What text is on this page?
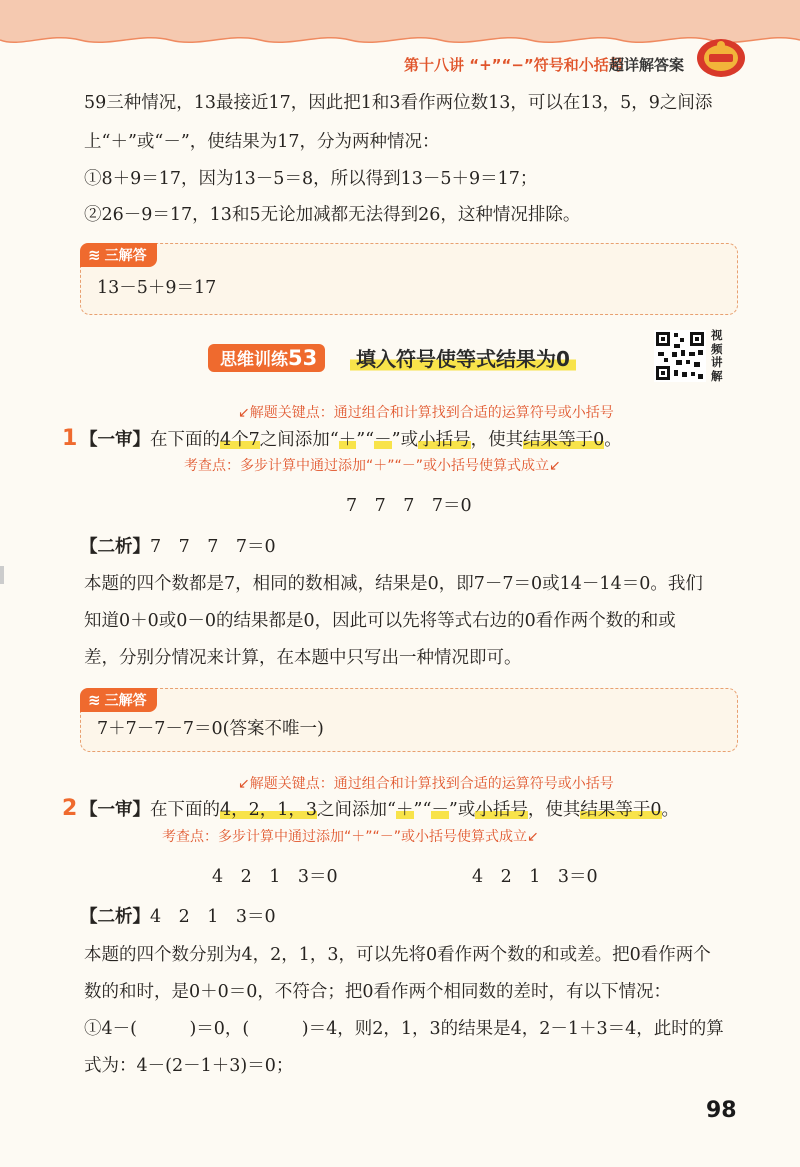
第十八讲 “+”“−”符号和小括号
超详解答案
59三种情况，13最接近17，因此把1和3看作两位数13，可以在13，5，9之间添
上“＋”或“－”，使结果为17，分为两种情况：
①8＋9＝17，因为13－5＝8，所以得到13－5＋9＝17；
②26－9＝17，13和5无论加减都无法得到26，这种情况排除。
≋ 三解答
13－5＋9＝17
思维训练53	填入符号使等式结果为0
视
频
讲
解
↙解题关键点：通过组合和计算找到合适的运算符号或小括号
1 【一审】在下面的4个7之间添加“＋”“－”或小括号，使其结果等于0。
考查点：多步计算中通过添加“＋”“－”或小括号使算式成立↙
7　7　7　7＝0
【二析】7　7　7　7＝0
本题的四个数都是7，相同的数相减，结果是0，即7－7＝0或14－14＝0。我们
知道0＋0或0－0的结果都是0，因此可以先将等式右边的0看作两个数的和或
差，分别分情况来计算，在本题中只写出一种情况即可。
≋ 三解答
7＋7－7－7＝0(答案不唯一)
↙解题关键点：通过组合和计算找到合适的运算符号或小括号
2 【一审】在下面的4，2，1，3之间添加“＋”“－”或小括号，使其结果等于0。
考查点：多步计算中通过添加“＋”“－”或小括号使算式成立↙
4　2　1　3＝0	4　2　1　3＝0
【二析】4　2　1　3＝0
本题的四个数分别为4，2，1，3，可以先将0看作两个数的和或差。把0看作两个
数的和时，是0＋0＝0，不符合；把0看作两个相同数的差时，有以下情况：
①4－(　　　)＝0，(　　　)＝4，则2，1，3的结果是4，2－1＋3＝4，此时的算
式为：4－(2－1＋3)＝0；
98
